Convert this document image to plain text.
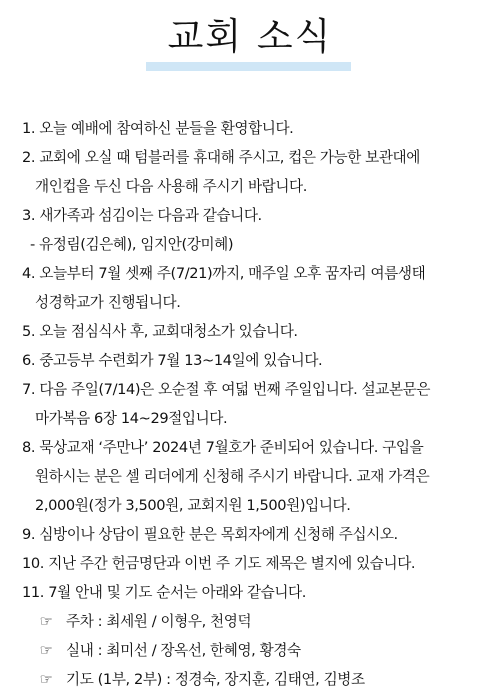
교회 소식
1. 오늘 예배에 참여하신 분들을 환영합니다.
2. 교회에 오실 때 텀블러를 휴대해 주시고, 컵은 가능한 보관대에
개인컵을 두신 다음 사용해 주시기 바랍니다.
3. 새가족과 섬김이는 다음과 같습니다.
- 유정림(김은혜), 임지안(강미혜)
4. 오늘부터 7월 셋째 주(7/21)까지, 매주일 오후 꿈자리 여름생태
성경학교가 진행됩니다.
5. 오늘 점심식사 후, 교회대청소가 있습니다.
6. 중고등부 수련회가 7월 13~14일에 있습니다.
7. 다음 주일(7/14)은 오순절 후 여덟 번째 주일입니다. 설교본문은
마가복음 6장 14~29절입니다.
8. 묵상교재 ‘주만나’ 2024년 7월호가 준비되어 있습니다. 구입을
원하시는 분은 셀 리더에게 신청해 주시기 바랍니다. 교재 가격은
2,000원(정가 3,500원, 교회지원 1,500원)입니다.
9. 심방이나 상담이 필요한 분은 목회자에게 신청해 주십시오.
10. 지난 주간 헌금명단과 이번 주 기도 제목은 별지에 있습니다.
11. 7월 안내 및 기도 순서는 아래와 같습니다.
☞ 주차 : 최세원 / 이형우, 천영덕
☞ 실내 : 최미선 / 장옥선, 한혜영, 황경숙
☞ 기도 (1부, 2부) : 정경숙, 장지훈, 김태연, 김병조
